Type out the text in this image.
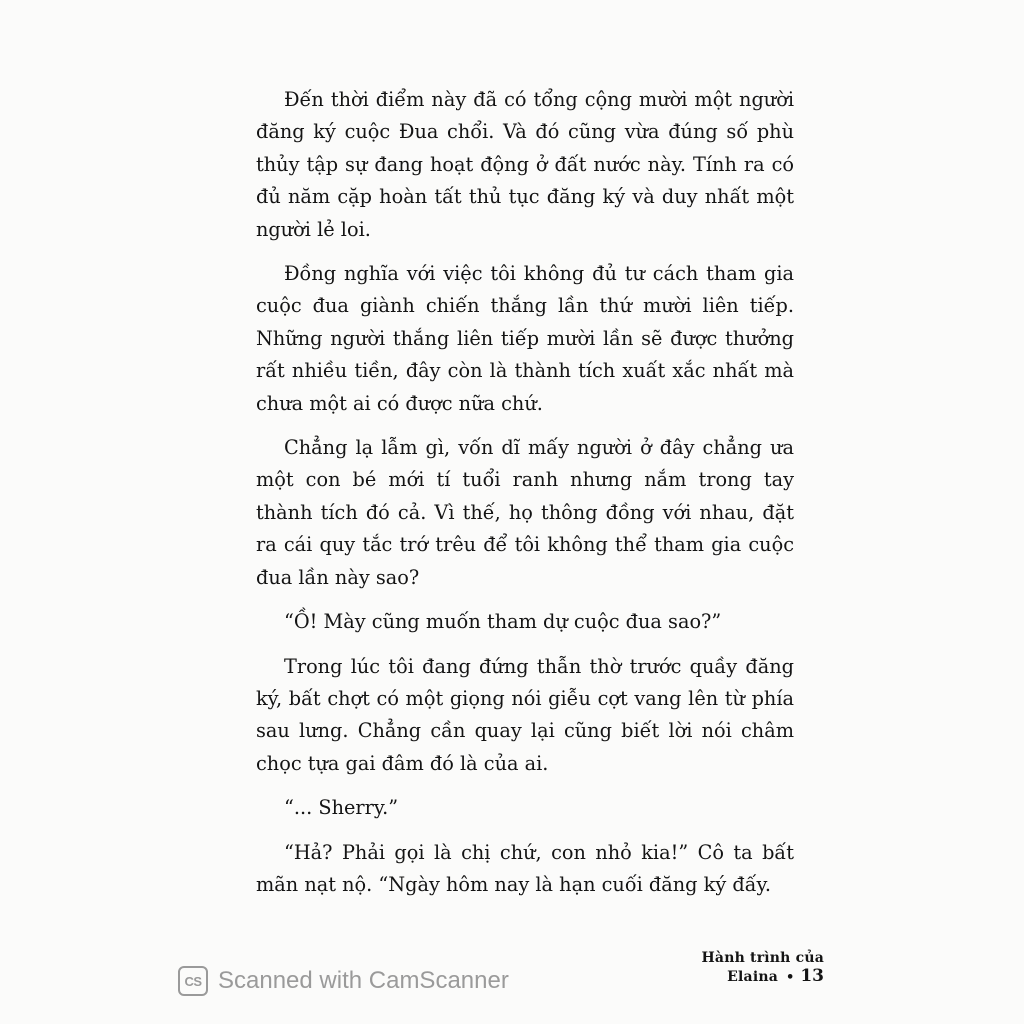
Đến thời điểm này đã có tổng cộng mười một người đăng ký cuộc Đua chổi. Và đó cũng vừa đúng số phù thủy tập sự đang hoạt động ở đất nước này. Tính ra có đủ năm cặp hoàn tất thủ tục đăng ký và duy nhất một người lẻ loi.

Đồng nghĩa với việc tôi không đủ tư cách tham gia cuộc đua giành chiến thắng lần thứ mười liên tiếp. Những người thắng liên tiếp mười lần sẽ được thưởng rất nhiều tiền, đây còn là thành tích xuất xắc nhất mà chưa một ai có được nữa chứ.

Chẳng lạ lẫm gì, vốn dĩ mấy người ở đây chẳng ưa một con bé mới tí tuổi ranh nhưng nắm trong tay thành tích đó cả. Vì thế, họ thông đồng với nhau, đặt ra cái quy tắc trớ trêu để tôi không thể tham gia cuộc đua lần này sao?

“Ồ! Mày cũng muốn tham dự cuộc đua sao?”

Trong lúc tôi đang đứng thẫn thờ trước quầy đăng ký, bất chợt có một giọng nói giễu cợt vang lên từ phía sau lưng. Chẳng cần quay lại cũng biết lời nói châm chọc tựa gai đâm đó là của ai.

“... Sherry.”

“Hả? Phải gọi là chị chứ, con nhỏ kia!” Cô ta bất mãn nạt nộ. “Ngày hôm nay là hạn cuối đăng ký đấy.

Hành trình của Elaina • 13
CS Scanned with CamScanner
